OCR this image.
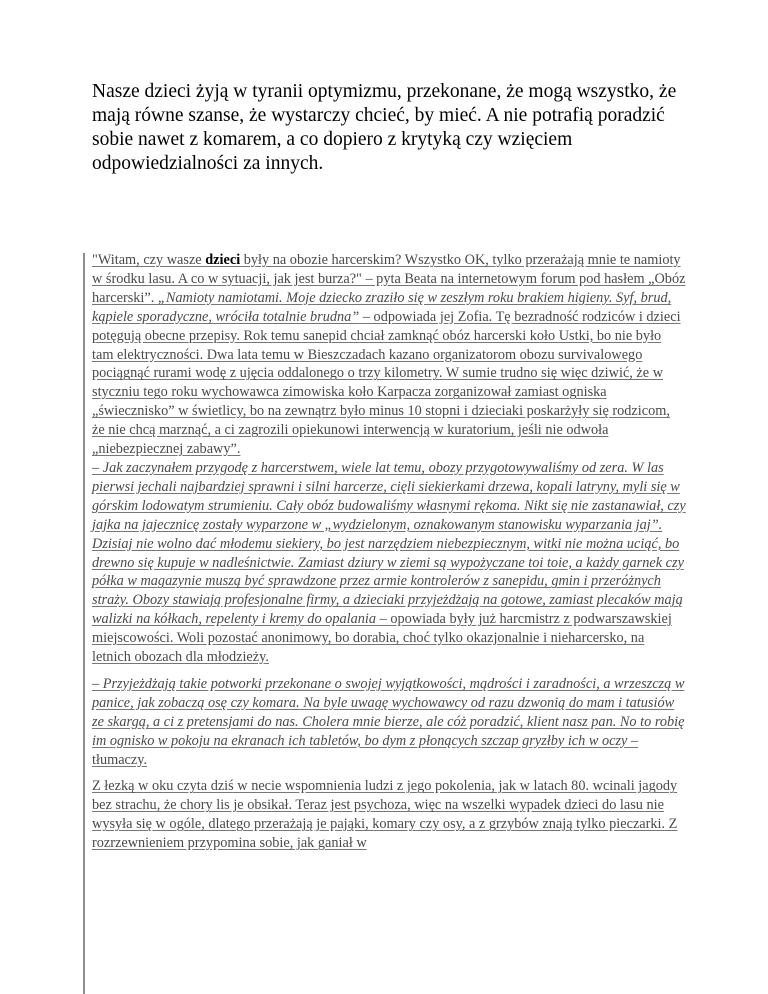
Nasze dzieci żyją w tyranii optymizmu, przekonane, że mogą wszystko, że mają równe szanse, że wystarczy chcieć, by mieć. A nie potrafią poradzić sobie nawet z komarem, a co dopiero z krytyką czy wzięciem odpowiedzialności za innych.

"Witam, czy wasze dzieci były na obozie harcerskim? Wszystko OK, tylko przerażają mnie te namioty w środku lasu. A co w sytuacji, jak jest burza?" – pyta Beata na internetowym forum pod hasłem „Obóz harcerski”. „Namioty namiotami. Moje dziecko zraziło się w zeszłym roku brakiem higieny. Syf, brud, kąpiele sporadyczne, wróciła totalnie brudna” – odpowiada jej Zofia. Tę bezradność rodziców i dzieci potęgują obecne przepisy. Rok temu sanepid chciał zamknąć obóz harcerski koło Ustki, bo nie było tam elektryczności. Dwa lata temu w Bieszczadach kazano organizatorom obozu survivalowego pociągnąć rurami wodę z ujęcia oddalonego o trzy kilometry. W sumie trudno się więc dziwić, że w styczniu tego roku wychowawca zimowiska koło Karpacza zorganizował zamiast ogniska „świecznisko” w świetlicy, bo na zewnątrz było minus 10 stopni i dzieciaki poskarżyły się rodzicom, że nie chcą marznąć, a ci zagrozili opiekunowi interwencją w kuratorium, jeśli nie odwoła „niebezpiecznej zabawy”.
– Jak zaczynałem przygodę z harcerstwem, wiele lat temu, obozy przygotowywaliśmy od zera. W las pierwsi jechali najbardziej sprawni i silni harcerze, cięli siekierkami drzewa, kopali latryny, myli się w górskim lodowatym strumieniu. Cały obóz budowaliśmy własnymi rękoma. Nikt się nie zastanawiał, czy jajka na jajecznicę zostały wyparzone w „wydzielonym, oznakowanym stanowisku wyparzania jaj”. Dzisiaj nie wolno dać młodemu siekiery, bo jest narzędziem niebezpiecznym, witki nie można uciąć, bo drewno się kupuje w nadleśnictwie. Zamiast dziury w ziemi są wypożyczane toi toie, a każdy garnek czy półka w magazynie muszą być sprawdzone przez armie kontrolerów z sanepidu, gmin i przeróżnych straży. Obozy stawiają profesjonalne firmy, a dzieciaki przyjeżdżają na gotowe, zamiast plecaków mają walizki na kółkach, repelenty i kremy do opalania – opowiada były już harcmistrz z podwarszawskiej miejscowości. Woli pozostać anonimowy, bo dorabia, choć tylko okazjonalnie i nieharcersko, na letnich obozach dla młodzieży.

– Przyjeżdżają takie potworki przekonane o swojej wyjątkowości, mądrości i zaradności, a wrzeszczą w panice, jak zobaczą osę czy komara. Na byle uwagę wychowawcy od razu dzwonią do mam i tatusiów ze skargą, a ci z pretensjami do nas. Cholera mnie bierze, ale cóż poradzić, klient nasz pan. No to robię im ognisko w pokoju na ekranach ich tabletów, bo dym z płonących szczap gryzłby ich w oczy – tłumaczy.

Z łezką w oku czyta dziś w necie wspomnienia ludzi z jego pokolenia, jak w latach 80. wcinali jagody bez strachu, że chory lis je obsikał. Teraz jest psychoza, więc na wszelki wypadek dzieci do lasu nie wysyła się w ogóle, dlatego przerażają je pająki, komary czy osy, a z grzybów znają tylko pieczarki. Z rozrzewnieniem przypomina sobie, jak ganiał w
